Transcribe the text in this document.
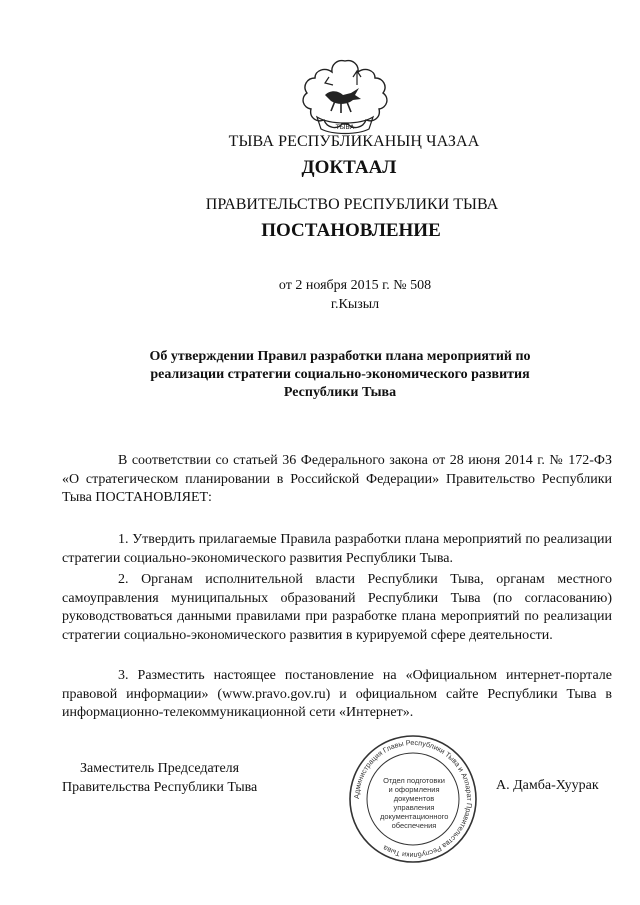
ТЫВА
ТЫВА РЕСПУБЛИКАНЫҢ ЧАЗАА
ДОКТААЛ
ПРАВИТЕЛЬСТВО РЕСПУБЛИКИ ТЫВА
ПОСТАНОВЛЕНИЕ
от 2 ноября 2015 г. № 508
г.Кызыл
Об утверждении Правил разработки плана мероприятий по реализации стратегии социально-экономического развития Республики Тыва
В соответствии со статьей 36 Федерального закона от 28 июня 2014 г. № 172-ФЗ «О стратегическом планировании в Российской Федерации» Правительство Республики Тыва ПОСТАНОВЛЯЕТ:
1. Утвердить прилагаемые Правила разработки плана мероприятий по реализации стратегии социально-экономического развития Республики Тыва.
2. Органам исполнительной власти Республики Тыва, органам местного самоуправления муниципальных образований Республики Тыва (по согласованию) руководствоваться данными правилами при разработке плана мероприятий по реализации стратегии социально-экономического развития в курируемой сфере деятельности.
3. Разместить настоящее постановление на «Официальном интернет-портале правовой информации» (www.pravo.gov.ru) и официальном сайте Республики Тыва в информационно-телекоммуникационной сети «Интернет».
Заместитель Председателя
Правительства Республики Тыва
Администрация Главы Республики Тыва и Аппарат Правительства Республики Тыва
Отдел подготовки и оформления документов управления документационного обеспечения
А. Дамба-Хуурак
